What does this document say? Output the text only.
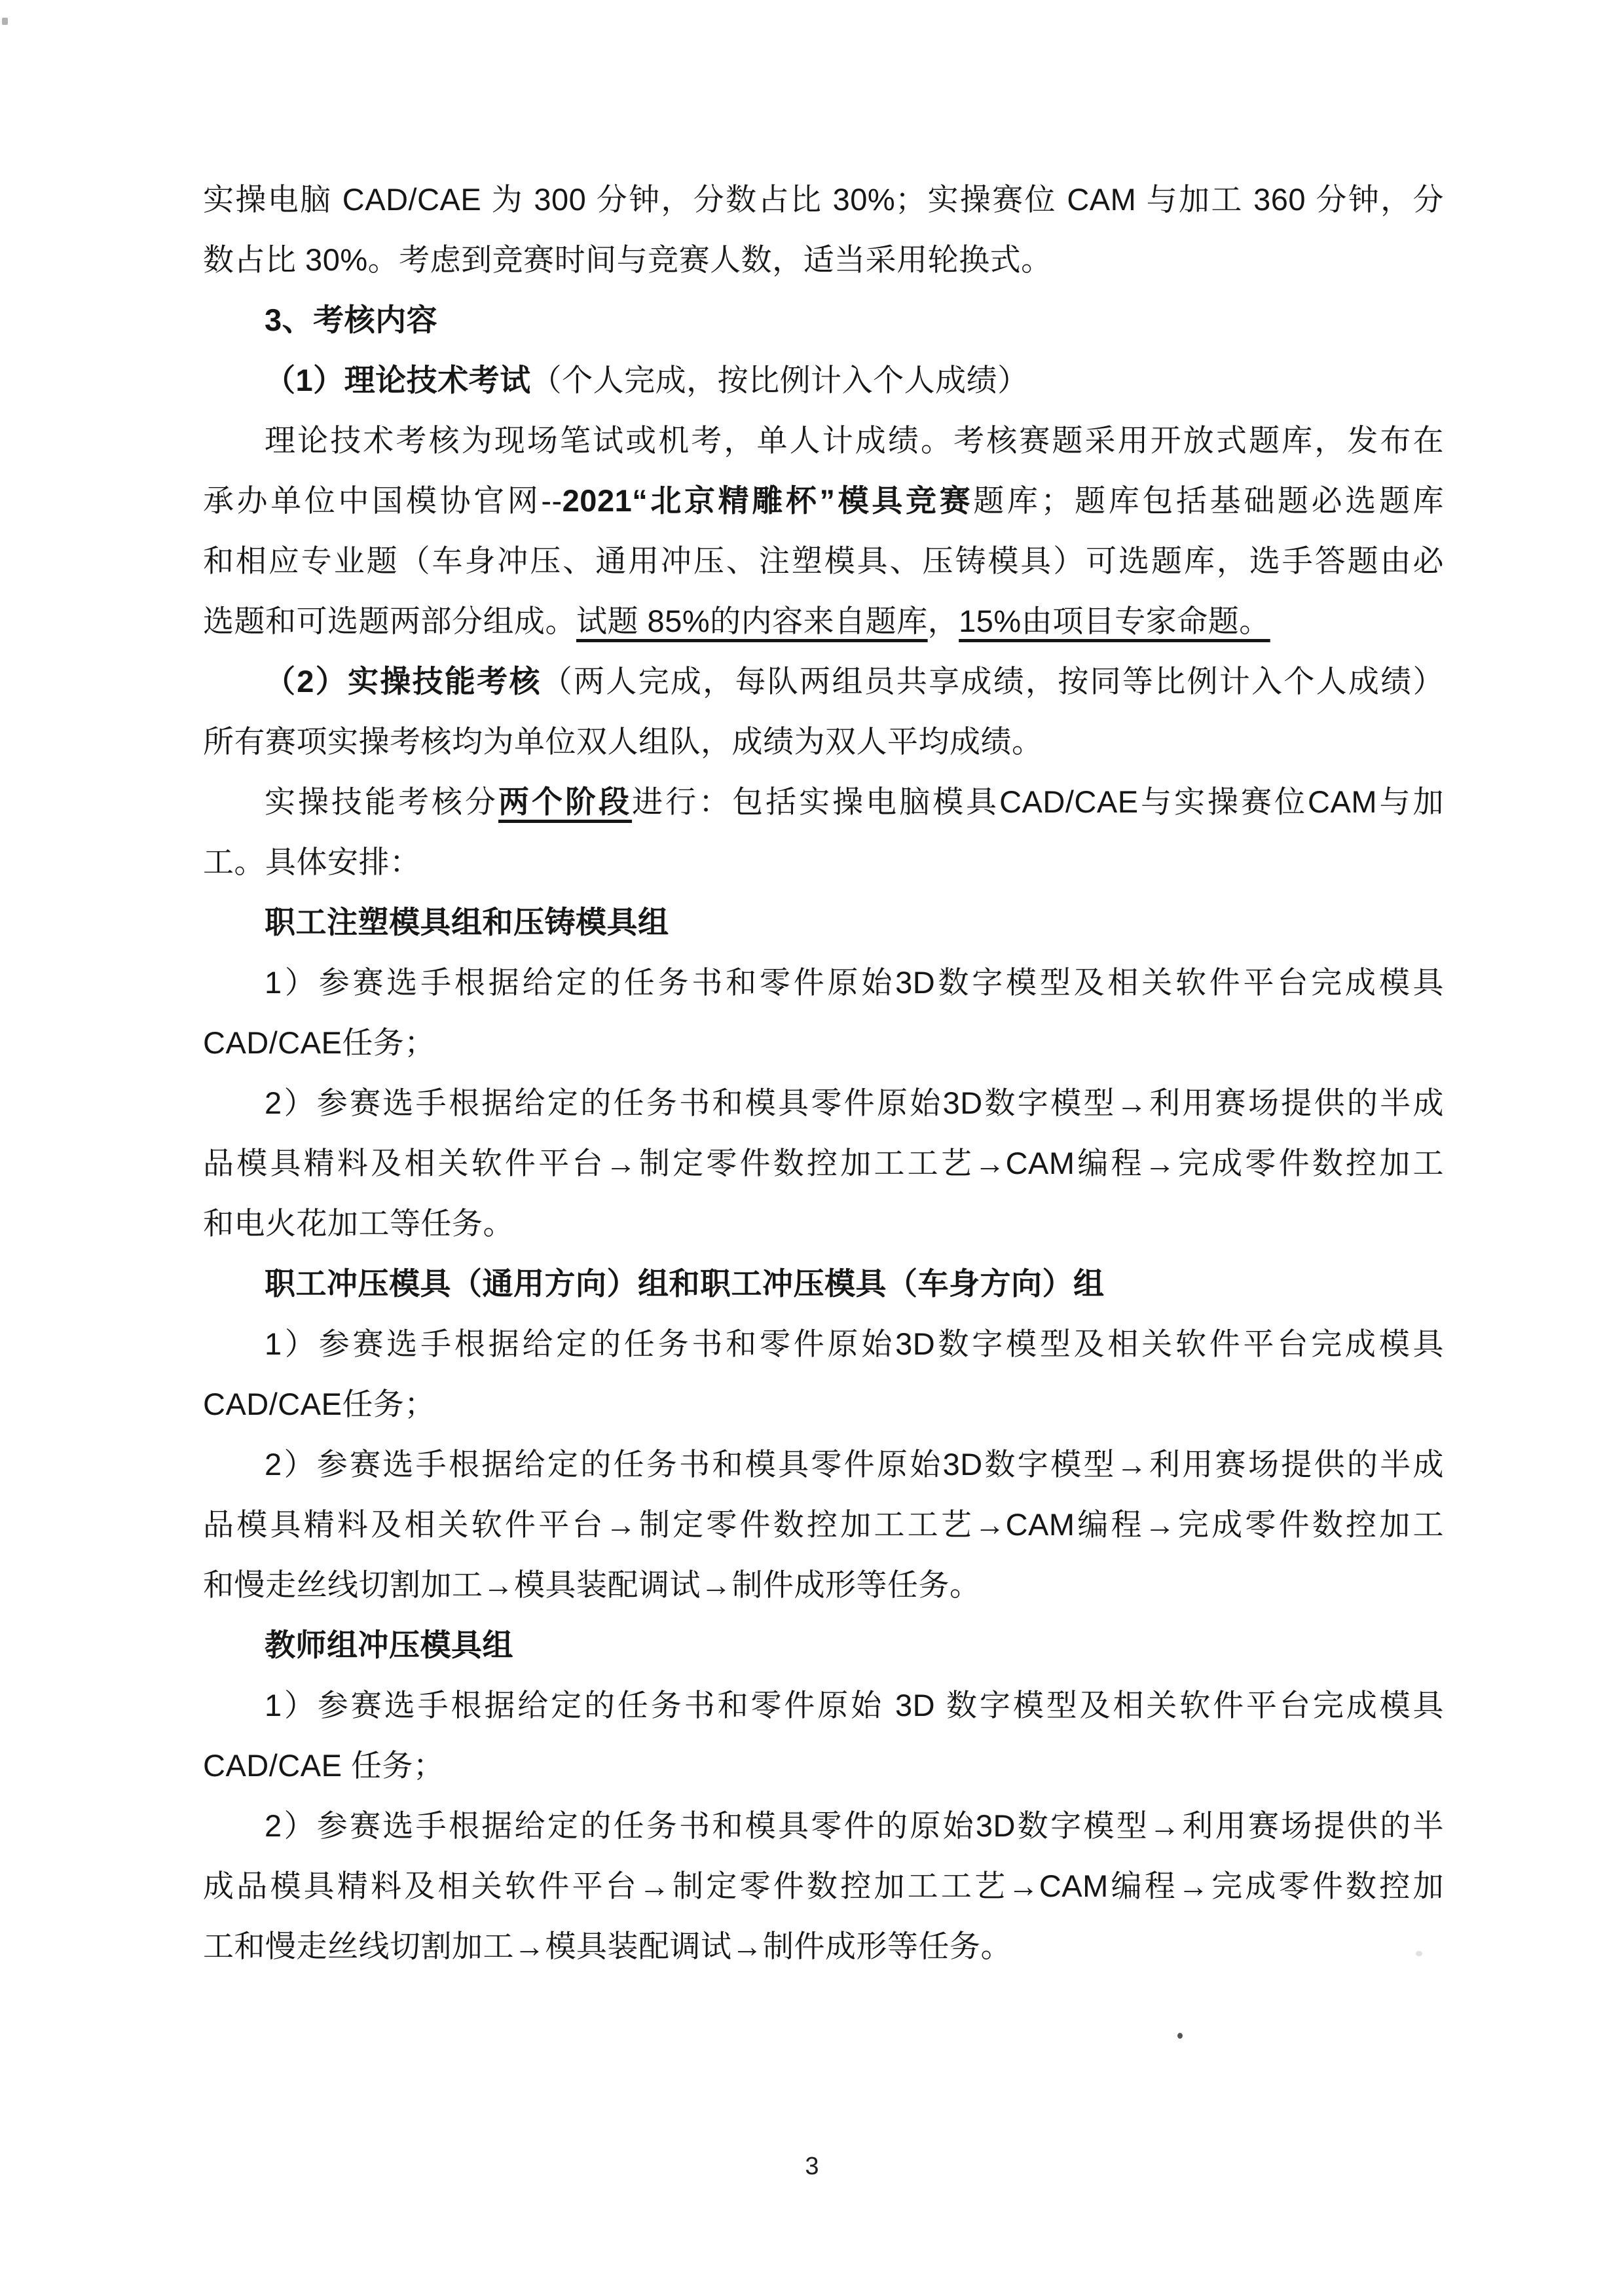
实操电脑 CAD/CAE 为 300 分钟，分数占比 30%；实操赛位 CAM 与加工 360 分钟，分
数占比 30%。考虑到竞赛时间与竞赛人数，适当采用轮换式。
3、考核内容
（1）理论技术考试（个人完成，按比例计入个人成绩）
理论技术考核为现场笔试或机考，单人计成绩。考核赛题采用开放式题库，发布在
承办单位中国模协官网--2021“北京精雕杯”模具竞赛题库；题库包括基础题必选题库
和相应专业题（车身冲压、通用冲压、注塑模具、压铸模具）可选题库，选手答题由必
选题和可选题两部分组成。试题 85%的内容来自题库，15%由项目专家命题。
（2）实操技能考核（两人完成，每队两组员共享成绩，按同等比例计入个人成绩）
所有赛项实操考核均为单位双人组队，成绩为双人平均成绩。
实操技能考核分两个阶段进行：包括实操电脑模具CAD/CAE与实操赛位CAM与加
工。具体安排：
职工注塑模具组和压铸模具组
1）参赛选手根据给定的任务书和零件原始3D数字模型及相关软件平台完成模具
CAD/CAE任务；
2）参赛选手根据给定的任务书和模具零件原始3D数字模型→利用赛场提供的半成
品模具精料及相关软件平台→制定零件数控加工工艺→CAM编程→完成零件数控加工
和电火花加工等任务。
职工冲压模具（通用方向）组和职工冲压模具（车身方向）组
1）参赛选手根据给定的任务书和零件原始3D数字模型及相关软件平台完成模具
CAD/CAE任务；
2）参赛选手根据给定的任务书和模具零件原始3D数字模型→利用赛场提供的半成
品模具精料及相关软件平台→制定零件数控加工工艺→CAM编程→完成零件数控加工
和慢走丝线切割加工→模具装配调试→制件成形等任务。
教师组冲压模具组
1）参赛选手根据给定的任务书和零件原始 3D 数字模型及相关软件平台完成模具
CAD/CAE 任务；
2）参赛选手根据给定的任务书和模具零件的原始3D数字模型→利用赛场提供的半
成品模具精料及相关软件平台→制定零件数控加工工艺→CAM编程→完成零件数控加
工和慢走丝线切割加工→模具装配调试→制件成形等任务。
3
